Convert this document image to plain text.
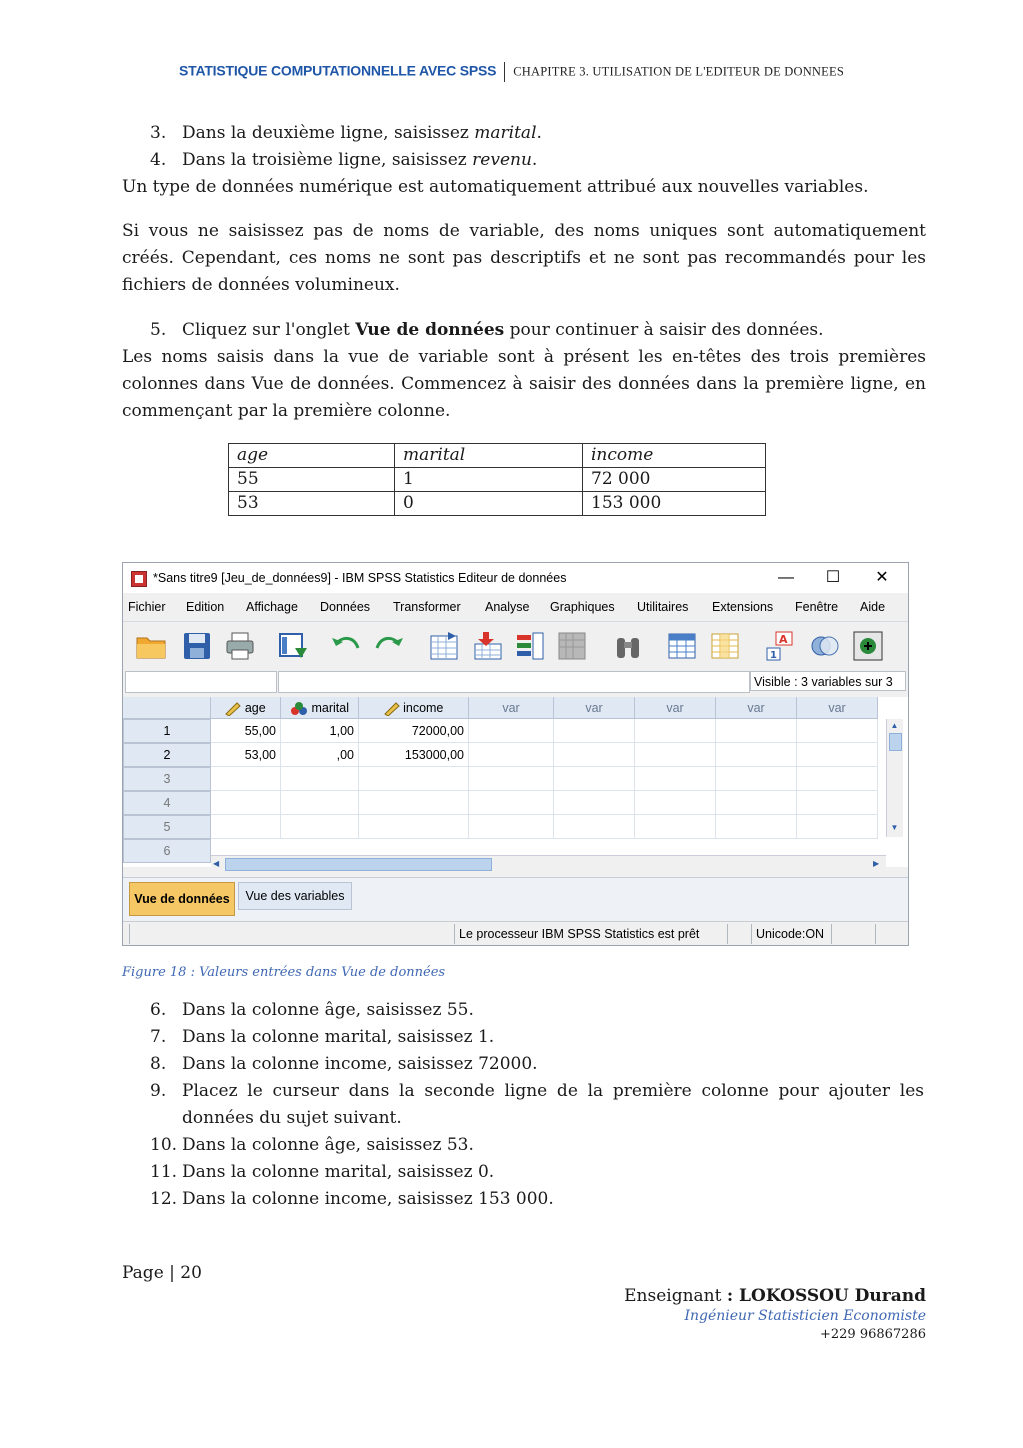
STATISTIQUE COMPUTATIONNELLE AVEC SPSS CHAPITRE 3. UTILISATION DE L'EDITEUR DE DONNEES
3. Dans la deuxième ligne, saisissez marital.
4. Dans la troisième ligne, saisissez revenu.
Un type de données numérique est automatiquement attribué aux nouvelles variables.
Si vous ne saisissez pas de noms de variable, des noms uniques sont automatiquement créés. Cependant, ces noms ne sont pas descriptifs et ne sont pas recommandés pour les fichiers de données volumineux.
5. Cliquez sur l'onglet Vue de données pour continuer à saisir des données.
Les noms saisis dans la vue de variable sont à présent les en-têtes des trois premières colonnes dans Vue de données. Commencez à saisir des données dans la première ligne, en commençant par la première colonne.
age	marital	income
55	1	72 000
53	0	153 000
*Sans titre9 [Jeu_de_données9] - IBM SPSS Statistics Editeur de données	—	☐	✕
Fichier Edition Affichage Données Transformer Analyse Graphiques Utilitaires Extensions Fenêtre Aide
A
1
Visible : 3 variables sur 3
age	marital	income	var	var	var	var	var
1	55,00	1,00	72000,00
2	53,00	,00	153000,00
3
4
5
6
▲
▼
◀	▶
Vue de données	Vue des variables
Le processeur IBM SPSS Statistics est prêt	Unicode:ON
Figure 18 : Valeurs entrées dans Vue de données
6. Dans la colonne âge, saisissez 55.
7. Dans la colonne marital, saisissez 1.
8. Dans la colonne income, saisissez 72000.
9. Placez le curseur dans la seconde ligne de la première colonne pour ajouter les données du sujet suivant.
10. Dans la colonne âge, saisissez 53.
11. Dans la colonne marital, saisissez 0.
12. Dans la colonne income, saisissez 153 000.
Page | 20
Enseignant : LOKOSSOU Durand
Ingénieur Statisticien Economiste
+229 96867286
